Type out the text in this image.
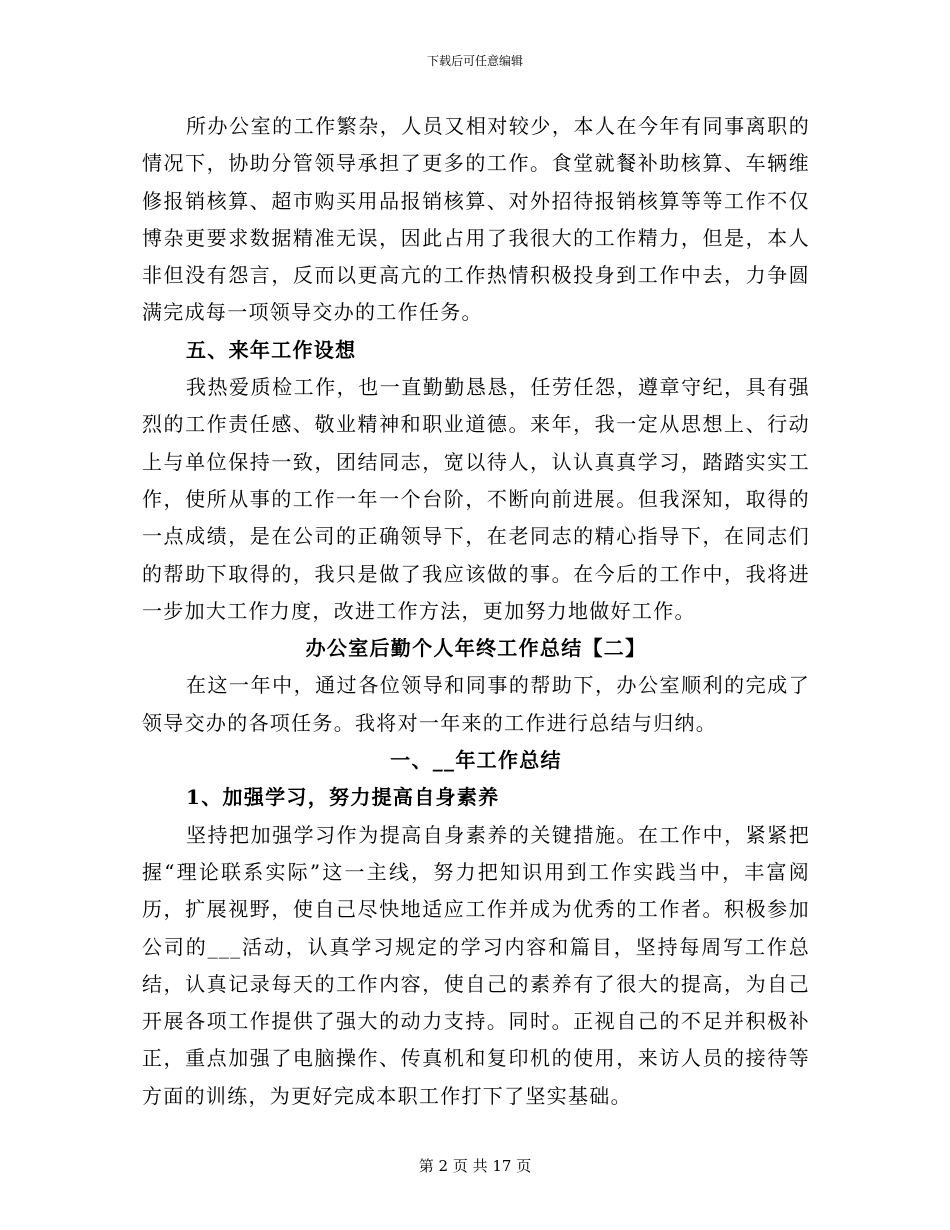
下载后可任意编辑

所办公室的工作繁杂，人员又相对较少，本人在今年有同事离职的情况下，协助分管领导承担了更多的工作。食堂就餐补助核算、车辆维修报销核算、超市购买用品报销核算、对外招待报销核算等等工作不仅博杂更要求数据精准无误，因此占用了我很大的工作精力，但是，本人非但没有怨言，反而以更高亢的工作热情积极投身到工作中去，力争圆满完成每一项领导交办的工作任务。

五、来年工作设想

我热爱质检工作，也一直勤勤恳恳，任劳任怨，遵章守纪，具有强烈的工作责任感、敬业精神和职业道德。来年，我一定从思想上、行动上与单位保持一致，团结同志，宽以待人，认认真真学习，踏踏实实工作，使所从事的工作一年一个台阶，不断向前进展。但我深知，取得的一点成绩，是在公司的正确领导下，在老同志的精心指导下，在同志们的帮助下取得的，我只是做了我应该做的事。在今后的工作中，我将进一步加大工作力度，改进工作方法，更加努力地做好工作。

办公室后勤个人年终工作总结【二】

在这一年中，通过各位领导和同事的帮助下，办公室顺利的完成了领导交办的各项任务。我将对一年来的工作进行总结与归纳。

一、__年工作总结

1、加强学习，努力提高自身素养

坚持把加强学习作为提高自身素养的关键措施。在工作中，紧紧把握“理论联系实际”这一主线，努力把知识用到工作实践当中，丰富阅历，扩展视野，使自己尽快地适应工作并成为优秀的工作者。积极参加公司的___活动，认真学习规定的学习内容和篇目，坚持每周写工作总结，认真记录每天的工作内容，使自己的素养有了很大的提高，为自己开展各项工作提供了强大的动力支持。同时。正视自己的不足并积极补正，重点加强了电脑操作、传真机和复印机的使用，来访人员的接待等方面的训练，为更好完成本职工作打下了坚实基础。

第 2 页 共 17 页
